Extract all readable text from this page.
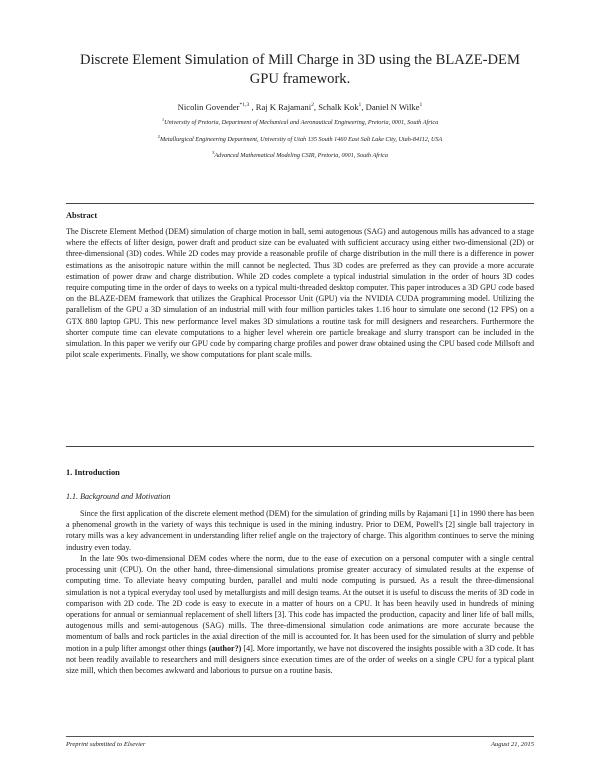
Discrete Element Simulation of Mill Charge in 3D using the BLAZE-DEM GPU framework.
Nicolin Govender$^{*1,3}$ , Raj K Rajamani$^2$, Schalk Kok$^1$, Daniel N Wilke$^1$
$^1$University of Pretoria, Department of Mechanical and Aeronautical Engineering, Pretoria, 0001, South Africa
$^2$Metallurgical Engineering Department, University of Utah 135 South 1460 East Salt Lake City, Utah-84112, USA
$^3$Advanced Mathematical Modeling CSIR, Pretoria, 0001, South Africa
Abstract
The Discrete Element Method (DEM) simulation of charge motion in ball, semi autogenous (SAG) and autogenous mills has advanced to a stage where the effects of lifter design, power draft and product size can be evaluated with sufficient accuracy using either two-dimensional (2D) or three-dimensional (3D) codes. While 2D codes may provide a reasonable profile of charge distribution in the mill there is a difference in power estimations as the anisotropic nature within the mill cannot be neglected. Thus 3D codes are preferred as they can provide a more accurate estimation of power draw and charge distribution. While 2D codes complete a typical industrial simulation in the order of hours 3D codes require computing time in the order of days to weeks on a typical multi-threaded desktop computer. This paper introduces a 3D GPU code based on the BLAZE-DEM framework that utilizes the Graphical Processor Unit (GPU) via the NVIDIA CUDA programming model. Utilizing the parallelism of the GPU a 3D simulation of an industrial mill with four million particles takes 1.16 hour to simulate one second (12 FPS) on a GTX 880 laptop GPU. This new performance level makes 3D simulations a routine task for mill designers and researchers. Furthermore the shorter compute time can elevate computations to a higher level wherein ore particle breakage and slurry transport can be included in the simulation. In this paper we verify our GPU code by comparing charge profiles and power draw obtained using the CPU based code Millsoft and pilot scale experiments. Finally, we show computations for plant scale mills.
1. Introduction
1.1. Background and Motivation

Since the first application of the discrete element method (DEM) for the simulation of grinding mills by Rajamani [1] in 1990 there has been a phenomenal growth in the variety of ways this technique is used in the mining industry. Prior to DEM, Powell's [2] single ball trajectory in rotary mills was a key advancement in understanding lifter relief angle on the trajectory of charge. This algorithm continues to serve the mining industry even today.

In the late 90s two-dimensional DEM codes where the norm, due to the ease of execution on a personal computer with a single central processing unit (CPU). On the other hand, three-dimensional simulations promise greater accuracy of simulated results at the expense of computing time. To alleviate heavy computing burden, parallel and multi node computing is pursued. As a result the three-dimensional simulation is not a typical everyday tool used by metallurgists and mill design teams. At the outset it is useful to discuss the merits of 3D code in comparison with 2D code. The 2D code is easy to execute in a matter of hours on a CPU. It has been heavily used in hundreds of mining operations for annual or semiannual replacement of shell lifters [3]. This code has impacted the production, capacity and liner life of ball mills, autogenous mills and semi-autogenous (SAG) mills. The three-dimensional simulation code animations are more accurate because the momentum of balls and rock particles in the axial direction of the mill is accounted for. It has been used for the simulation of slurry and pebble motion in a pulp lifter amongst other things (author?) [4]. More importantly, we have not discovered the insights possible with a 3D code. It has not been readily available to researchers and mill designers since execution times are of the order of weeks on a single CPU for a typical plant size mill, which then becomes awkward and laborious to pursue on a routine basis.

Preprint submitted to Elsevier	August 21, 2015
